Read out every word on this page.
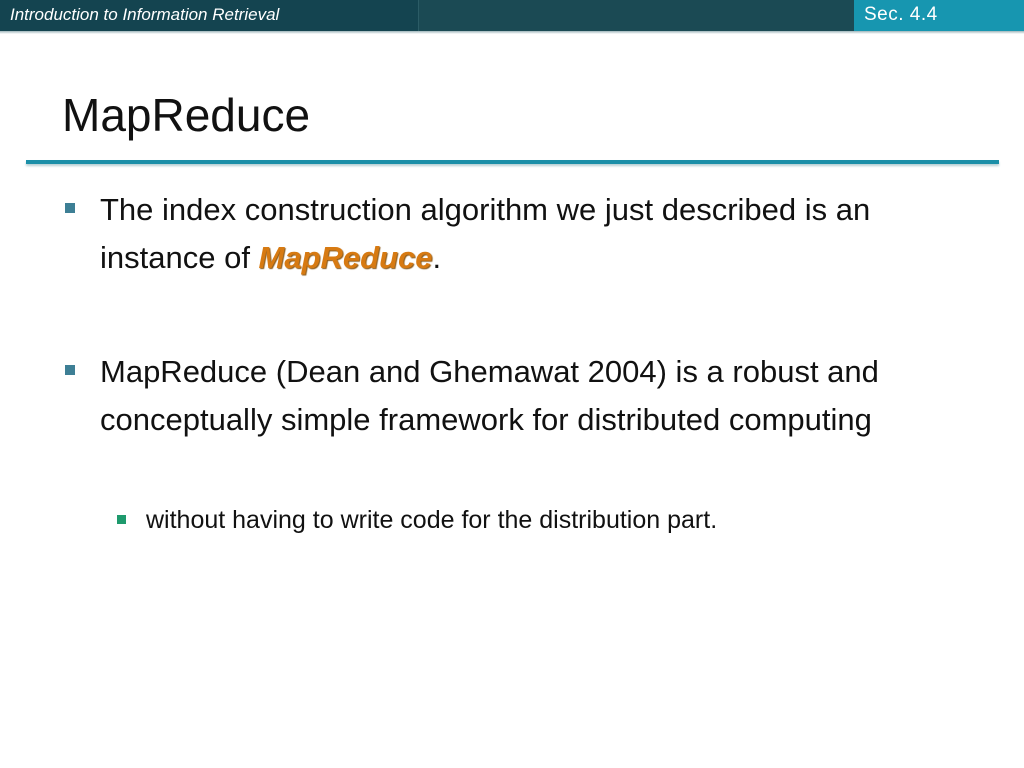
Introduction to Information Retrieval	Sec. 4.4
MapReduce
The index construction algorithm we just described is an instance of MapReduce.
MapReduce (Dean and Ghemawat 2004) is a robust and conceptually simple framework for distributed computing
without having to write code for the distribution part.
